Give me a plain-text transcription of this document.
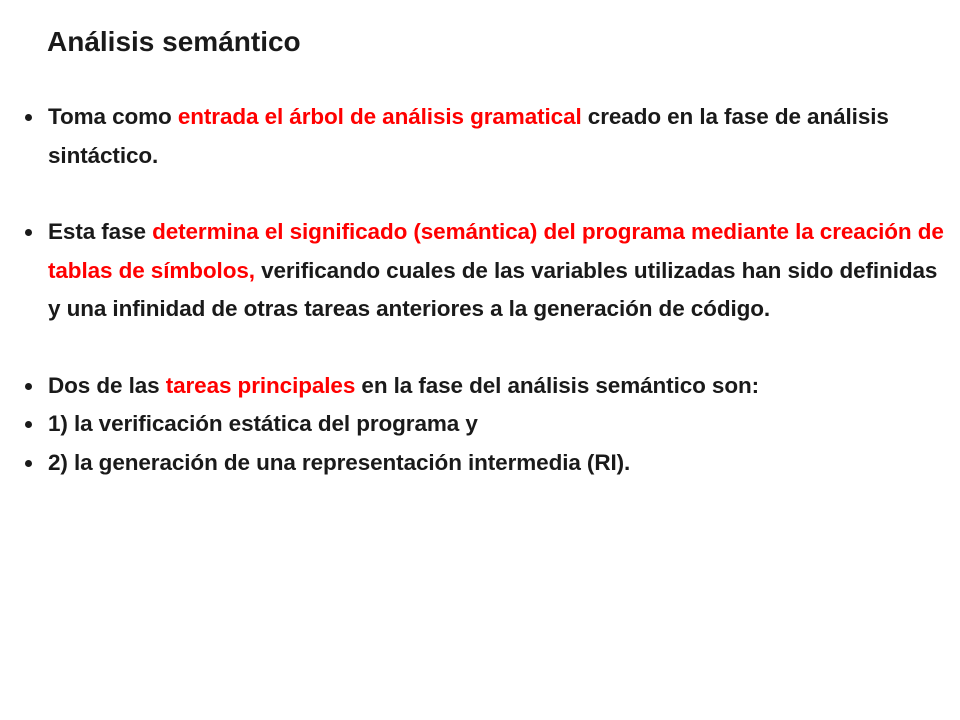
Análisis semántico
Toma como entrada el árbol de análisis gramatical creado en la fase de análisis sintáctico.
Esta fase determina el significado (semántica) del programa mediante la creación de tablas de símbolos, verificando cuales de las variables utilizadas han sido definidas y una infinidad de otras tareas anteriores a la generación de código.
Dos de las tareas principales en la fase del análisis semántico son:
1) la verificación estática del programa y
2) la generación de una representación intermedia (RI).
